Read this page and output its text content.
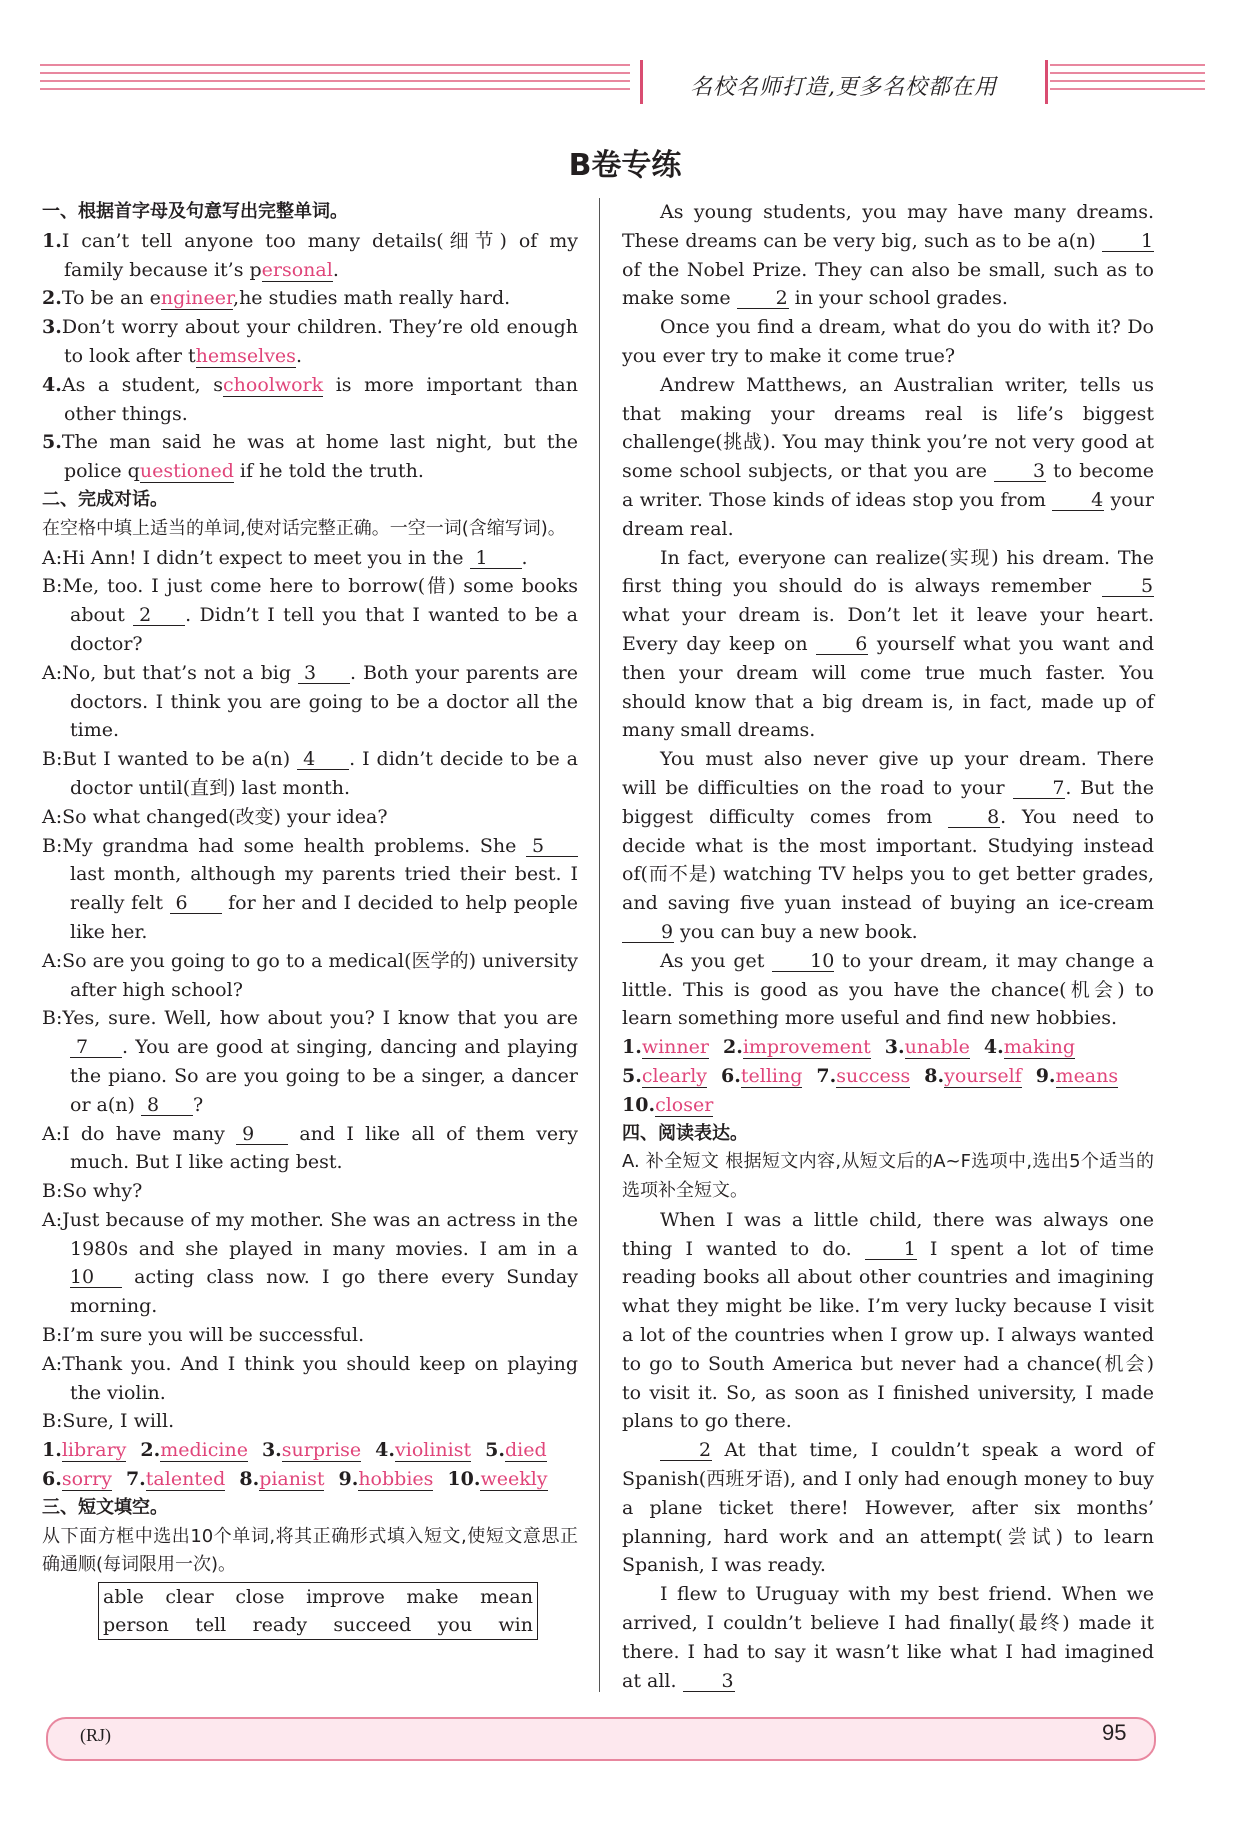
名校名师打造,更多名校都在用
B卷专练

一、根据首字母及句意写出完整单词。

1.I can’t tell anyone too many details(细节) of my family because it’s personal.

2.To be an engineer,he studies math really hard.

3.Don’t worry about your children. They’re old enough to look after themselves.

4.As a student, schoolwork is more important than other things.

5.The man said he was at home last night, but the police questioned if he told the truth.

二、完成对话。

在空格中填上适当的单词,使对话完整正确。一空一词(含缩写词)。

A:Hi Ann! I didn’t expect to meet you in the 1 .

B:Me, too. I just come here to borrow(借) some books about 2 . Didn’t I tell you that I wanted to be a doctor?

A:No, but that’s not a big 3 . Both your parents are doctors. I think you are going to be a doctor all the time.

B:But I wanted to be a(n) 4 . I didn’t decide to be a doctor until(直到) last month.

A:So what changed(改变) your idea?

B:My grandma had some health problems. She 5 last month, although my parents tried their best. I really felt 6 for her and I decided to help people like her.

A:So are you going to go to a medical(医学的) university after high school?

B:Yes, sure. Well, how about you? I know that you are 7 . You are good at singing, dancing and playing the piano. So are you going to be a singer, a dancer or a(n) 8 ?

A:I do have many 9 and I like all of them very much. But I like acting best.

B:So why?

A:Just because of my mother. She was an actress in the 1980s and she played in many movies. I am in a 10 acting class now. I go there every Sunday morning.

B:I’m sure you will be successful.

A:Thank you. And I think you should keep on playing the violin.

B:Sure, I will.

1.library 2.medicine 3.surprise 4.violinist 5.died
6.sorry 7.talented 8.pianist 9.hobbies 10.weekly

三、短文填空。

从下面方框中选出10个单词,将其正确形式填入短文,使短文意思正确通顺(每词限用一次)。

able clear close improve make mean
person tell ready succeed you win

As young students, you may have many dreams. These dreams can be very big, such as to be a(n) 1 of the Nobel Prize. They can also be small, such as to make some 2 in your school grades.

Once you find a dream, what do you do with it? Do you ever try to make it come true?

Andrew Matthews, an Australian writer, tells us that making your dreams real is life’s biggest challenge(挑战). You may think you’re not very good at some school subjects, or that you are 3 to become a writer. Those kinds of ideas stop you from 4 your dream real.

In fact, everyone can realize(实现) his dream. The first thing you should do is always remember 5 what your dream is. Don’t let it leave your heart. Every day keep on 6 yourself what you want and then your dream will come true much faster. You should know that a big dream is, in fact, made up of many small dreams.

You must also never give up your dream. There will be difficulties on the road to your 7. But the biggest difficulty comes from 8. You need to decide what is the most important. Studying instead of(而不是) watching TV helps you to get better grades, and saving five yuan instead of buying an ice-cream 9 you can buy a new book.

As you get 10 to your dream, it may change a little. This is good as you have the chance(机会) to learn something more useful and find new hobbies.

1.winner 2.improvement 3.unable 4.making
5.clearly 6.telling 7.success 8.yourself 9.means
10.closer

四、阅读表达。

A. 补全短文 根据短文内容,从短文后的A~F选项中,选出5个适当的选项补全短文。

When I was a little child, there was always one thing I wanted to do. 1 I spent a lot of time reading books all about other countries and imagining what they might be like. I’m very lucky because I visit a lot of the countries when I grow up. I always wanted to go to South America but never had a chance(机会) to visit it. So, as soon as I finished university, I made plans to go there.

2 At that time, I couldn’t speak a word of Spanish(西班牙语), and I only had enough money to buy a plane ticket there! However, after six months’ planning, hard work and an attempt(尝试) to learn Spanish, I was ready.

I flew to Uruguay with my best friend. When we arrived, I couldn’t believe I had finally(最终) made it there. I had to say it wasn’t like what I had imagined at all. 3

(RJ)	95
